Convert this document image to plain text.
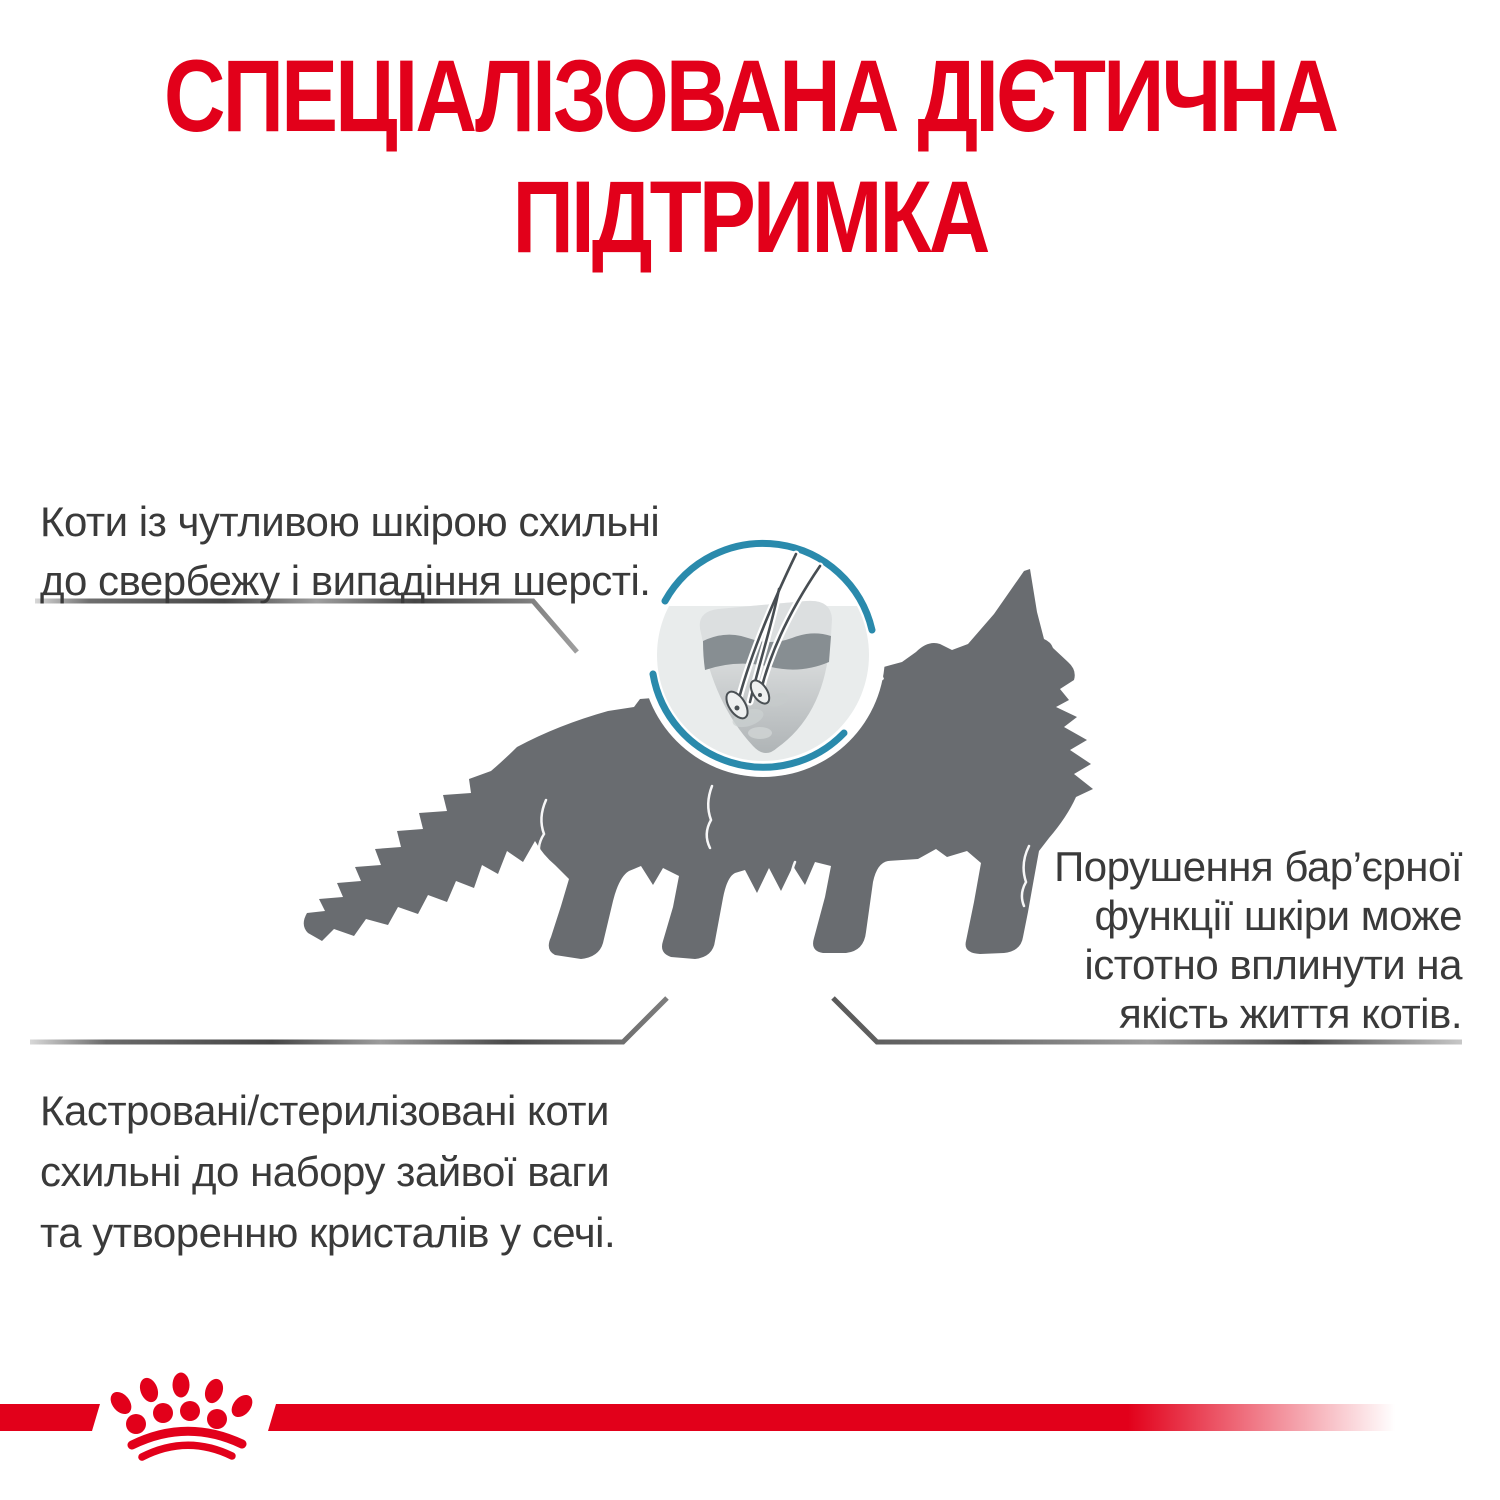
СПЕЦІАЛІЗОВАНА ДІЄТИЧНА
ПІДТРИМКА
Коти із чутливою шкірою схильні
до свербежу і випадіння шерсті.
Порушення бар’єрної
функції шкіри може
істотно вплинути на
якість життя котів.
Кастровані/стерилізовані коти
схильні до набору зайвої ваги
та утворенню кристалів у сечі.
